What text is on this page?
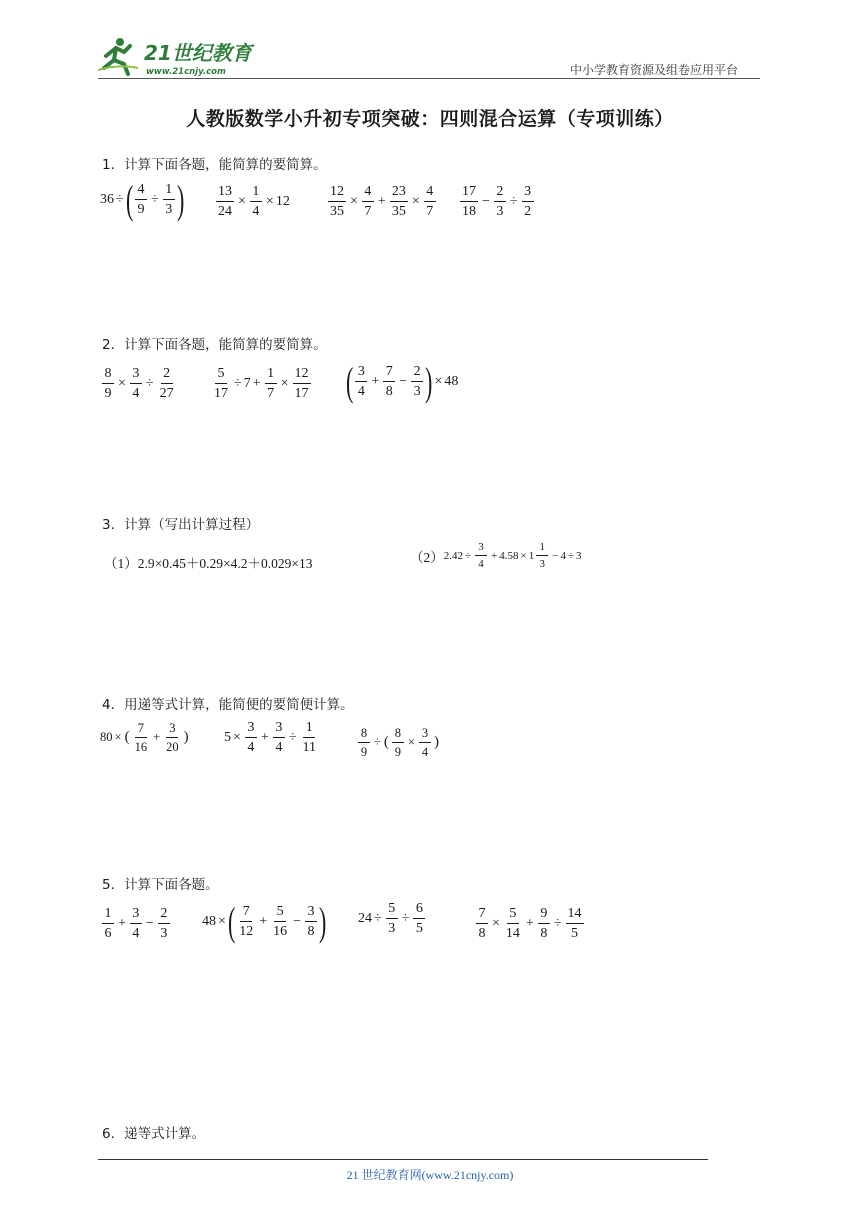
21世纪教育
www.21cnjy.com	中小学教育资源及组卷应用平台
人教版数学小升初专项突破：四则混合运算（专项训练）
1．计算下面各题，能简算的要简算。
36 ÷ ( $\frac{4}{9} \div \frac{1}{3}$ ) $\frac{13}{24} \times \frac{1}{4} \times 12$	$\frac{12}{35} \times \frac{4}{7} + \frac{23}{35} \times \frac{4}{7} \frac{17}{18} - \frac{2}{3} \div \frac{3}{2}$
2．计算下面各题，能简算的要简算。
$\frac{8}{9} \times \frac{3}{4} \div \frac{2}{27}$	$\frac{5}{17} \div 7 + \frac{1}{7} \times \frac{12}{17}$ ( $\frac{3}{4} + \frac{7}{8} - \frac{2}{3}$ ) × 48
3．计算（写出计算过程）
（1）2.9×0.45＋0.29×4.2＋0.029×13	（2） $2.42 \div \frac{3}{4} + 4.58 \times 1 \frac{1}{3} - 4 \div 3$
4．用递等式计算，能简便的要简便计算。
80 × ( $\frac{7}{16} + \frac{3}{20}$ )	$5 \times \frac{3}{4} + \frac{3}{4} \div \frac{1}{11}$	$\frac{8}{9}$ ÷ ( $\frac{8}{9} \times \frac{3}{4}$ )
5．计算下面各题。
$\frac{1}{6} + \frac{3}{4} - \frac{2}{3} 48$ × ( $\frac{7}{12} + \frac{5}{16} - \frac{3}{8}$ ) $24 \div \frac{5}{3} \div \frac{6}{5}$	$\frac{7}{8} \times \frac{5}{14} + \frac{9}{8} \div \frac{14}{5}$
6．递等式计算。
21 世纪教育网(www.21cnjy.com)
